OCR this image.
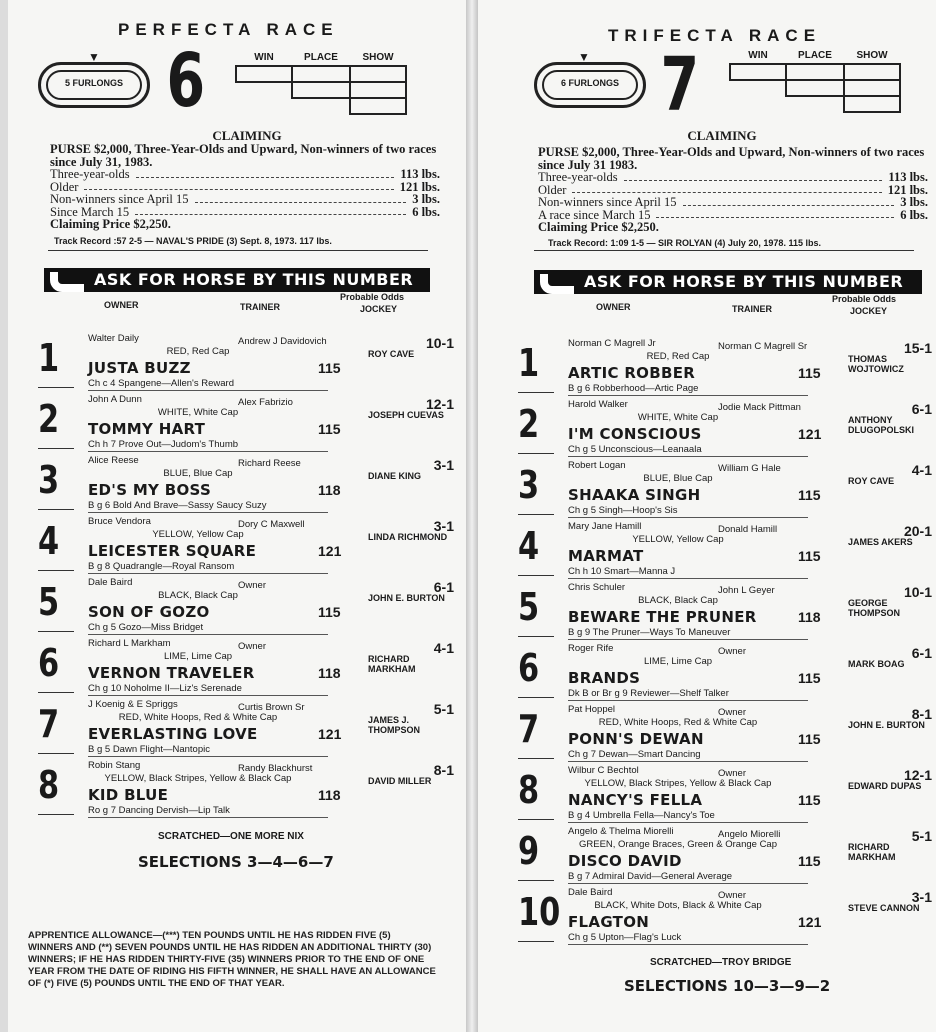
PERFECTA RACE
▼
5 FURLONGS 6	WIN	PLACE	SHOW
CLAIMING
PURSE $2,000, Three-Year-Olds and Upward, Non-winners of two races since July 31, 1983.
Three-year-olds	113 lbs.
Older	121 lbs.
Non-winners since April 15	3 lbs.
Since March 15	6 lbs.
Claiming Price $2,250.
Track Record :57 2-5 — NAVAL'S PRIDE (3) Sept. 8, 1973. 117 lbs.
ASK FOR HORSE BY THIS NUMBER
OWNER	TRAINER
Probable Odds
JOCKEY
1	Walter Daily	Andrew J Davidovich
RED, Red Cap
JUSTA BUZZ	115
Ch c 4 Spangene—Allen's Reward
10-1
ROY CAVE
2	John A Dunn	Alex Fabrizio
WHITE, White Cap
TOMMY HART	115
Ch h 7 Prove Out—Judom's Thumb
12-1
JOSEPH CUEVAS
3	Alice Reese	Richard Reese
BLUE, Blue Cap
ED'S MY BOSS	118
B g 6 Bold And Brave—Sassy Saucy Suzy
3-1
DIANE KING
4	Bruce Vendora	Dory C Maxwell
YELLOW, Yellow Cap
LEICESTER SQUARE	121
B g 8 Quadrangle—Royal Ransom
3-1
LINDA RICHMOND
5	Dale Baird	Owner
BLACK, Black Cap
SON OF GOZO	115
Ch g 5 Gozo—Miss Bridget
6-1
JOHN E. BURTON
6	Richard L Markham	Owner
LIME, Lime Cap
VERNON TRAVELER	118
Ch g 10 Noholme II—Liz's Serenade
4-1
RICHARD MARKHAM
7	J Koenig & E Spriggs	Curtis Brown Sr
RED, White Hoops, Red & White Cap
EVERLASTING LOVE	121
B g 5 Dawn Flight—Nantopic
5-1
JAMES J. THOMPSON
8	Robin Stang	Randy Blackhurst
YELLOW, Black Stripes, Yellow & Black Cap
KID BLUE	118
Ro g 7 Dancing Dervish—Lip Talk
8-1
DAVID MILLER
SCRATCHED—ONE MORE NIX
SELECTIONS 3—4—6—7
APPRENTICE ALLOWANCE—(***) TEN POUNDS UNTIL HE HAS RIDDEN FIVE (5) WINNERS AND (**) SEVEN POUNDS UNTIL HE HAS RIDDEN AN ADDITIONAL THIRTY (30) WINNERS; IF HE HAS RIDDEN THIRTY-FIVE (35) WINNERS PRIOR TO THE END OF ONE YEAR FROM THE DATE OF RIDING HIS FIFTH WINNER, HE SHALL HAVE AN ALLOWANCE OF (*) FIVE (5) POUNDS UNTIL THE END OF THAT YEAR.
TRIFECTA RACE
▼
6 FURLONGS 7	WIN	PLACE	SHOW
CLAIMING
PURSE $2,000, Three-Year-Olds and Upward, Non-winners of two races since July 31 1983.
Three-year-olds	113 lbs.
Older	121 lbs.
Non-winners since April 15	3 lbs.
A race since March 15	6 lbs.
Claiming Price $2,250.
Track Record: 1:09 1-5 — SIR ROLYAN (4) July 20, 1978. 115 lbs.
ASK FOR HORSE BY THIS NUMBER
OWNER	TRAINER
Probable Odds
JOCKEY
1	Norman C Magrell Jr	Norman C Magrell Sr
RED, Red Cap
ARTIC ROBBER	115
B g 6 Robberhood—Artic Page
15-1
THOMAS WOJTOWICZ
2	Harold Walker	Jodie Mack Pittman
WHITE, White Cap
I'M CONSCIOUS	121
Ch g 5 Unconscious—Leanaala
6-1
ANTHONY DLUGOPOLSKI
3	Robert Logan	William G Hale
BLUE, Blue Cap
SHAAKA SINGH	115
Ch g 5 Singh—Hoop's Sis
4-1
ROY CAVE
4	Mary Jane Hamill	Donald Hamill
YELLOW, Yellow Cap
MARMAT	115
Ch h 10 Smart—Manna J
20-1
JAMES AKERS
5	Chris Schuler	John L Geyer
BLACK, Black Cap
BEWARE THE PRUNER	118
B g 9 The Pruner—Ways To Maneuver
10-1
GEORGE THOMPSON
6	Roger Rife	Owner
LIME, Lime Cap
BRANDS	115
Dk B or Br g 9 Reviewer—Shelf Talker
6-1
MARK BOAG
7	Pat Hoppel	Owner
RED, White Hoops, Red & White Cap
PONN'S DEWAN	115
Ch g 7 Dewan—Smart Dancing
8-1
JOHN E. BURTON
8	Wilbur C Bechtol	Owner
YELLOW, Black Stripes, Yellow & Black Cap
NANCY'S FELLA	115
B g 4 Umbrella Fella—Nancy's Toe
12-1
EDWARD DUPAS
9	Angelo & Thelma Miorelli	Angelo Miorelli
GREEN, Orange Braces, Green & Orange Cap
DISCO DAVID	115
B g 7 Admiral David—General Average
5-1
RICHARD MARKHAM
10 Dale Baird	Owner
BLACK, White Dots, Black & White Cap
FLAGTON	121
Ch g 5 Upton—Flag's Luck
3-1
STEVE CANNON
SCRATCHED—TROY BRIDGE
SELECTIONS 10—3—9—2
